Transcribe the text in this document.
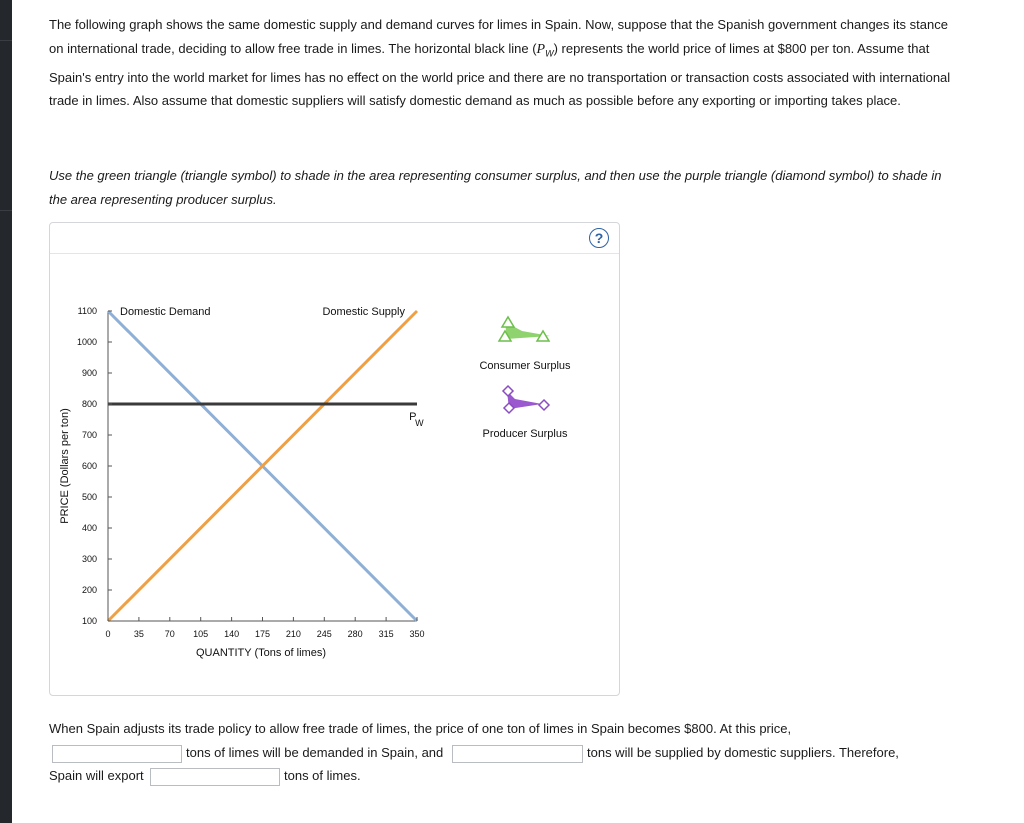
The following graph shows the same domestic supply and demand curves for limes in Spain. Now, suppose that the Spanish government changes its stance on international trade, deciding to allow free trade in limes. The horizontal black line $(P_W)$ represents the world price of limes at $800 per ton. Assume that Spain's entry into the world market for limes has no effect on the world price and there are no transportation or transaction costs associated with international trade in limes. Also assume that domestic suppliers will satisfy domestic demand as much as possible before any exporting or importing takes place.
Use the green triangle (triangle symbol) to shade in the area representing consumer surplus, and then use the purple triangle (diamond symbol) to shade in the area representing producer surplus.
?
Domestic Demand	Domestic Supply
P
W
100
200
300
400
500
600
700
800
900
1000
1100
0	35 70 105 140 175 210 245 280 315 350
QUANTITY (Tons of limes)
PRICE (Dollars per ton)
Consumer Surplus
Producer Surplus
When Spain adjusts its trade policy to allow free trade of limes, the price of one ton of limes in Spain becomes $800. At this price,
tons of limes will be demanded in Spain, and	tons will be supplied by domestic suppliers. Therefore,
Spain will export	tons of limes.
